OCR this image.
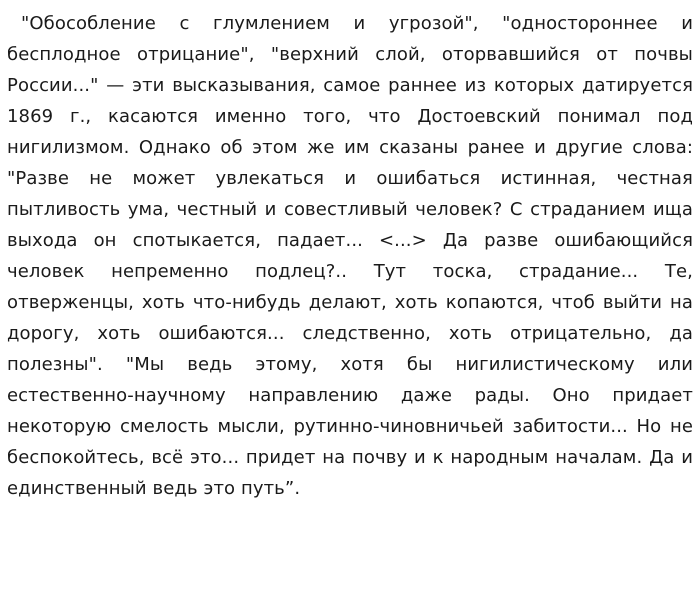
"Обособление с глумлением и угрозой", "одностороннее и бесплодное отрицание", "верхний слой, оторвавшийся от почвы России..." — эти высказывания, самое раннее из которых датируется 1869 г., касаются именно того, что Достоевский понимал под нигилизмом. Однако об этом же им сказаны ранее и другие слова: "Разве не может увлекаться и ошибаться истинная, честная пытливость ума, честный и совестливый человек? С страданием ища выхода он спотыкается, падает... <...> Да разве ошибающийся человек непременно подлец?.. Тут тоска, страдание... Те, отверженцы, хоть что-нибудь делают, хоть копаются, чтоб выйти на дорогу, хоть ошибаются... следственно, хоть отрицательно, да полезны". "Мы ведь этому, хотя бы нигилистическому или естественно-научному направлению даже рады. Оно придает некоторую смелость мысли, рутинно-чиновничьей забитости... Но не беспокойтесь, всё это... придет на почву и к народным началам. Да и единственный ведь это путь”.
